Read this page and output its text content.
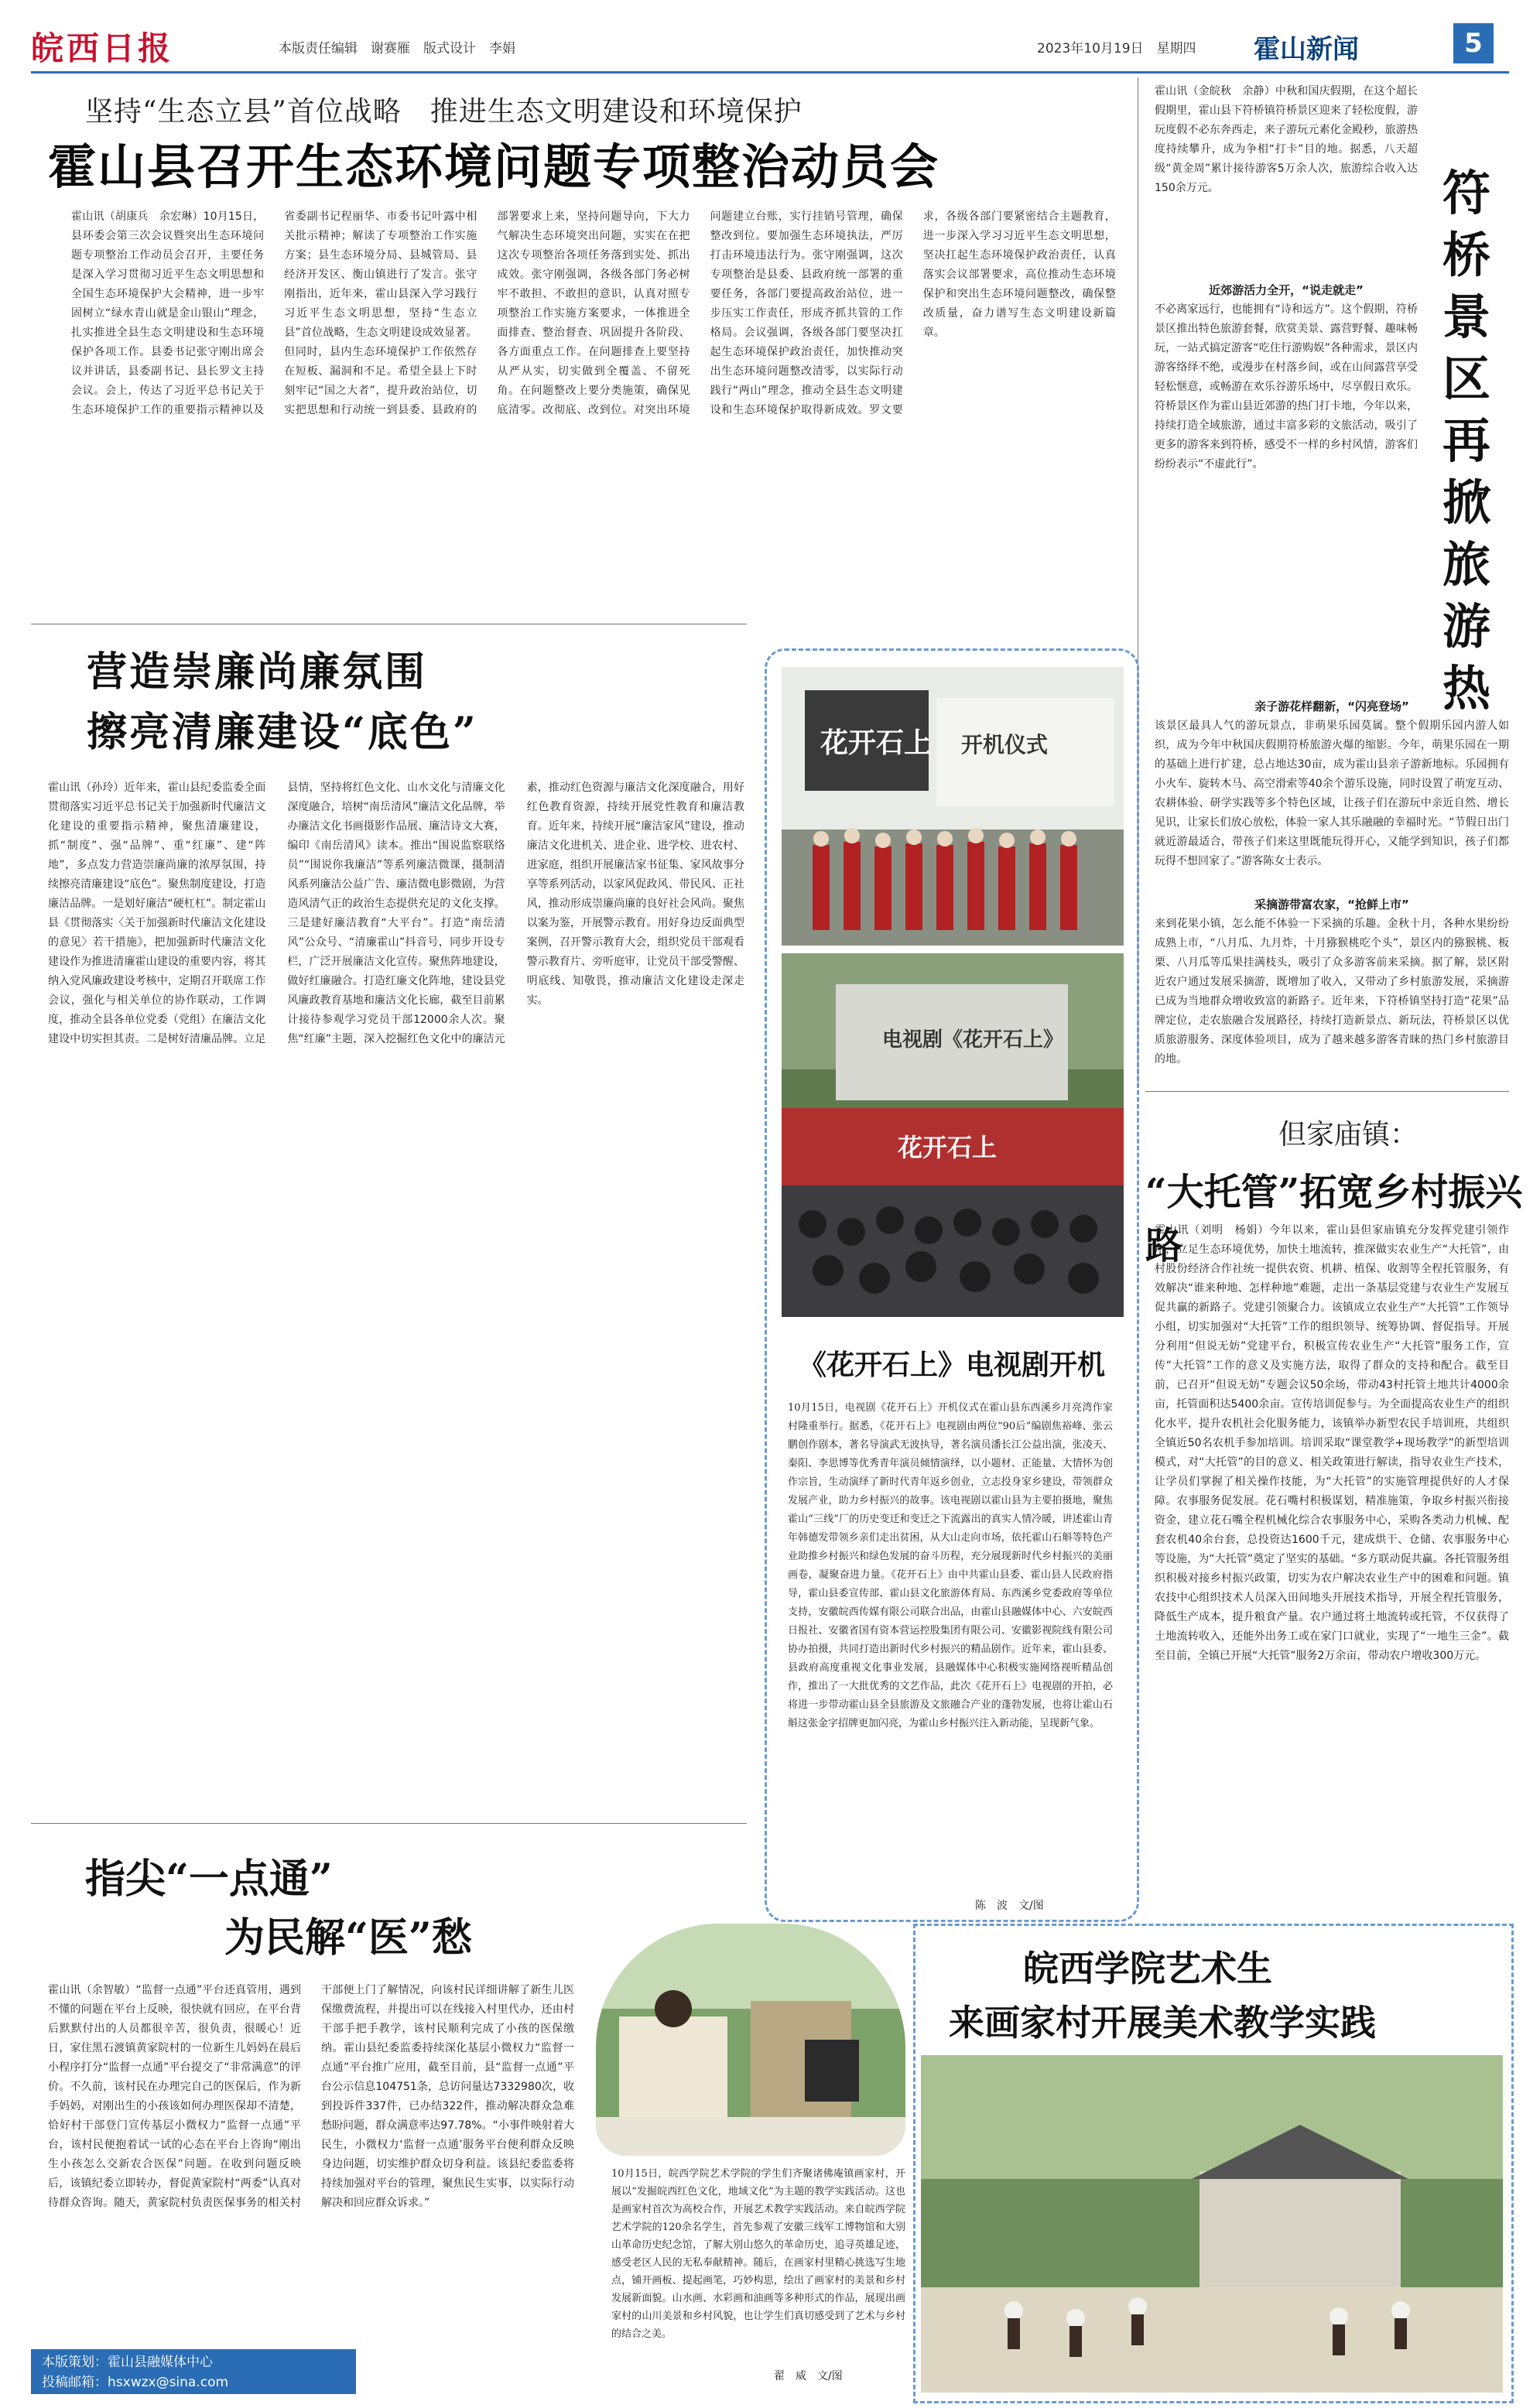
皖西日报	本版责任编辑　谢赛雁　版式设计　李娟	2023年10月19日　星期四 霍山新闻	5
坚持“生态立县”首位战略　推进生态文明建设和环境保护
霍山县召开生态环境问题专项整治动员会
霍山讯（胡康兵　余宏琳）10月15日，县环委会第三次会议暨突出生态环境问题专项整治工作动员会召开，主要任务是深入学习贯彻习近平生态文明思想和全国生态环境保护大会精神，进一步牢固树立“绿水青山就是金山银山”理念，扎实推进全县生态文明建设和生态环境保护各项工作。县委书记张守刚出席会议并讲话，县委副书记、县长罗文主持会议。会上，传达了习近平总书记关于生态环境保护工作的重要指示精神以及省委副书记程丽华、市委书记叶露中相关批示精神；解读了专项整治工作实施方案；县生态环境分局、县城管局、县经济开发区、衡山镇进行了发言。张守刚指出，近年来，霍山县深入学习践行习近平生态文明思想，坚持“生态立县”首位战略，生态文明建设成效显著。但同时，县内生态环境保护工作依然存在短板、漏洞和不足。希望全县上下时刻牢记“国之大者”，提升政治站位，切实把思想和行动统一到县委、县政府的部署要求上来，坚持问题导向，下大力气解决生态环境突出问题，实实在在把这次专项整治各项任务落到实处、抓出成效。张守刚强调，各级各部门务必树牢不敢担、不敢担的意识，认真对照专项整治工作实施方案要求，一体推进全面排查、整治督查、巩固提升各阶段、各方面重点工作。在问题排查上要坚持从严从实，切实做到全覆盖、不留死角。在问题整改上要分类施策，确保见底清零。改彻底、改到位。对突出环境问题建立台账，实行挂销号管理，确保整改到位。要加强生态环境执法，严厉打击环境违法行为。张守刚强调，这次专项整治是县委、县政府统一部署的重要任务，各部门要提高政治站位，进一步压实工作责任，形成齐抓共管的工作格局。会议强调，各级各部门要坚决扛起生态环境保护政治责任，加快推动突出生态环境问题整改清零，以实际行动践行“两山”理念，推动全县生态文明建设和生态环境保护取得新成效。罗文要求，各级各部门要紧密结合主题教育，进一步深入学习习近平生态文明思想，坚决扛起生态环境保护政治责任，认真落实会议部署要求，高位推动生态环境保护和突出生态环境问题整改，确保整改质量，奋力谱写生态文明建设新篇章。
霍山讯（金皖秋　余静）中秋和国庆假期，在这个超长假期里，霍山县下符桥镇符桥景区迎来了轻松度假，游玩度假不必东奔西走，来子游玩元素化金殿秒，旅游热度持续攀升，成为争相“打卡”目的地。据悉，八天超级“黄金周”累计接待游客5万余人次，旅游综合收入达150余万元。	符
桥
景
区
再
掀
旅
游
热
近郊游活力全开，“说走就走”
不必离家远行，也能拥有“诗和远方”。这个假期，符桥景区推出特色旅游套餐，欣赏美景、露营野餐、趣味畅玩，一站式搞定游客“吃住行游购娱”各种需求，景区内游客络绎不绝，或漫步在村落乡间，或在山间露营享受轻松惬意，或畅游在欢乐谷游乐场中，尽享假日欢乐。符桥景区作为霍山县近郊游的热门打卡地，今年以来，持续打造全域旅游，通过丰富多彩的文旅活动，吸引了更多的游客来到符桥，感受不一样的乡村风情，游客们纷纷表示“不虚此行”。
亲子游花样翻新，“闪亮登场”
该景区最具人气的游玩景点，非萌果乐园莫属。整个假期乐园内游人如织，成为今年中秋国庆假期符桥旅游火爆的缩影。今年，萌果乐园在一期的基础上进行扩建，总占地达30亩，成为霍山县亲子游新地标。乐园拥有小火车、旋转木马、高空滑索等40余个游乐设施，同时设置了萌宠互动、农耕体验、研学实践等多个特色区域，让孩子们在游玩中亲近自然、增长见识，让家长们放心放松，体验一家人其乐融融的幸福时光。“节假日出门就近游最适合，带孩子们来这里既能玩得开心，又能学到知识，孩子们都玩得不想回家了。”游客陈女士表示。
采摘游带富农家，“抢鲜上市”
来到花果小镇，怎么能不体验一下采摘的乐趣。金秋十月，各种水果纷纷成熟上市，“八月瓜、九月炸，十月猕猴桃吃个头”，景区内的猕猴桃、板栗、八月瓜等瓜果挂满枝头，吸引了众多游客前来采摘。据了解，景区附近农户通过发展采摘游，既增加了收入，又带动了乡村旅游发展，采摘游已成为当地群众增收致富的新路子。近年来，下符桥镇坚持打造“花果”品牌定位，走农旅融合发展路径，持续打造新景点、新玩法，符桥景区以优质旅游服务、深度体验项目，成为了越来越多游客青睐的热门乡村旅游目的地。
营造崇廉尚廉氛围
擦亮清廉建设“底色”
霍山讯（孙玲）近年来，霍山县纪委监委全面贯彻落实习近平总书记关于加强新时代廉洁文化建设的重要指示精神，聚焦清廉建设，抓“制度”、强“品牌”、重“红廉”、建“阵地”，多点发力营造崇廉尚廉的浓厚氛围，持续擦亮清廉建设“底色”。聚焦制度建设，打造廉洁品牌。一是划好廉洁“硬杠杠”。制定霍山县《贯彻落实〈关于加强新时代廉洁文化建设的意见〉若干措施》，把加强新时代廉洁文化建设作为推进清廉霍山建设的重要内容，将其纳入党风廉政建设考核中，定期召开联席工作会议，强化与相关单位的协作联动，工作调度，推动全县各单位党委（党组）在廉洁文化建设中切实担其责。二是树好清廉品牌。立足县情，坚持将红色文化、山水文化与清廉文化深度融合，培树“南岳清风”廉洁文化品牌，举办廉洁文化书画摄影作品展、廉洁诗文大赛，编印《南岳清风》读本。推出“围说监察联络员”“围说你我廉洁”等系列廉洁微课，摄制清风系列廉洁公益广告、廉洁微电影微剧，为营造风清气正的政治生态提供充足的文化支撑。三是建好廉洁教育“大平台”。打造“南岳清风”公众号、“清廉霍山”抖音号，同步开设专栏，广泛开展廉洁文化宣传。聚焦阵地建设，做好红廉融合。打造红廉文化阵地，建设县党风廉政教育基地和廉洁文化长廊，截至目前累计接待参观学习党员干部12000余人次。聚焦“红廉”主题，深入挖掘红色文化中的廉洁元素，推动红色资源与廉洁文化深度融合，用好红色教育资源，持续开展党性教育和廉洁教育。近年来，持续开展“廉洁家风”建设，推动廉洁文化进机关、进企业、进学校、进农村、进家庭，组织开展廉洁家书征集、家风故事分享等系列活动，以家风促政风、带民风、正社风，推动形成崇廉尚廉的良好社会风尚。聚焦以案为鉴，开展警示教育。用好身边反面典型案例，召开警示教育大会，组织党员干部观看警示教育片、旁听庭审，让党员干部受警醒、明底线、知敬畏，推动廉洁文化建设走深走实。
开机仪式
花开石上
电视剧《花开石上》
花开石上
《花开石上》电视剧开机
10月15日，电视剧《花开石上》开机仪式在霍山县东西溪乡月亮湾作家村隆重举行。据悉，《花开石上》电视剧由两位“90后”编剧焦裕峰、张云鹏创作剧本，著名导演武无波执导，著名演员潘长江公益出演，张凌天、秦阳、李思博等优秀青年演员倾情演绎，以小题材、正能量、大情怀为创作宗旨，生动演绎了新时代青年返乡创业，立志投身家乡建设，带领群众发展产业，助力乡村振兴的故事。该电视剧以霍山县为主要拍摄地，聚焦霍山“三线”厂的历史变迁和变迁之下流露出的真实人情冷暖，讲述霍山青年韩德发带领乡亲们走出贫困，从大山走向市场，依托霍山石斛等特色产业助推乡村振兴和绿色发展的奋斗历程，充分展现新时代乡村振兴的美丽画卷，凝聚奋进力量。《花开石上》由中共霍山县委、霍山县人民政府指导，霍山县委宣传部、霍山县文化旅游体育局、东西溪乡党委政府等单位支持，安徽皖西传媒有限公司联合出品，由霍山县融媒体中心、六安皖西日报社、安徽省国有资本营运控股集团有限公司、安徽影视院线有限公司协办拍摄，共同打造出新时代乡村振兴的精品剧作。近年来，霍山县委、县政府高度重视文化事业发展，县融媒体中心积极实施网络视听精品创作，推出了一大批优秀的文艺作品，此次《花开石上》电视剧的开拍，必将进一步带动霍山县全县旅游及文旅融合产业的蓬勃发展，也将让霍山石斛这张金字招牌更加闪亮，为霍山乡村振兴注入新动能，呈现新气象。
陈　波　文/图
但家庙镇：
“大托管”拓宽乡村振兴路
霍山讯（刘明　杨娟）今年以来，霍山县但家庙镇充分发挥党建引领作用，立足生态环境优势，加快土地流转，推深做实农业生产“大托管”，由村股份经济合作社统一提供农资、机耕、植保、收割等全程托管服务，有效解决“谁来种地、怎样种地”难题，走出一条基层党建与农业生产发展互促共赢的新路子。党建引领聚合力。该镇成立农业生产“大托管”工作领导小组，切实加强对“大托管”工作的组织领导、统筹协调、督促指导。开展分利用“但说无妨”党建平台，积极宣传农业生产“大托管”服务工作，宣传“大托管”工作的意义及实施方法，取得了群众的支持和配合。截至目前，已召开“但说无妨”专题会议50余场，带动43村托管土地共计4000余亩，托管面积达5400余亩。宣传培训促参与。为全面提高农业生产的组织化水平，提升农机社会化服务能力，该镇举办新型农民手培训班，共组织全镇近50名农机手参加培训。培训采取“课堂教学+现场教学”的新型培训模式，对“大托管”的目的意义、相关政策进行解读，指导农业生产技术，让学员们掌握了相关操作技能，为“大托管”的实施管理提供好的人才保障。农事服务促发展。花石嘴村积极谋划，精准施策，争取乡村振兴衔接资金，建立花石嘴全程机械化综合农事服务中心，采购各类动力机械、配套农机40余台套，总投资达1600千元，建成烘干、仓储、农事服务中心等设施，为“大托管”奠定了坚实的基础。“多方联动促共赢。各托管服务组织积极对接乡村振兴政策，切实为农户解决农业生产中的困难和问题。镇农技中心组织技术人员深入田间地头开展技术指导，开展全程托管服务，降低生产成本，提升粮食产量。农户通过将土地流转或托管，不仅获得了土地流转收入，还能外出务工或在家门口就业，实现了“一地生三金”。截至目前，全镇已开展“大托管”服务2万余亩，带动农户增收300万元。
指尖“一点通”
为民解“医”愁
霍山讯（余智敏）“监督一点通”平台还真管用，遇到不懂的问题在平台上反映，很快就有回应，在平台背后默默付出的人员都很辛苦，很负责，很暖心！近日，家住黑石渡镇黄家院村的一位新生儿妈妈在晨后小程序打分“监督一点通”平台提交了“非常满意”的评价。不久前，该村民在办理完自己的医保后，作为新手妈妈，对刚出生的小孩该如何办理医保却不清楚，恰好村干部登门宣传基层小微权力“监督一点通”平台，该村民便抱着试一试的心态在平台上咨询“刚出生小孩怎么交新农合医保”问题。在收到问题反映后，该镇纪委立即转办，督促黄家院村“两委”认真对待群众咨询。随天，黄家院村负责医保事务的相关村干部便上门了解情况，向该村民详细讲解了新生儿医保缴费流程，并提出可以在线接入村里代办，还由村干部手把手教学，该村民顺利完成了小孩的医保缴纳。霍山县纪委监委持续深化基层小微权力“监督一点通”平台推广应用，截至目前，县“监督一点通”平台公示信息104751条，总访问量达7332980次，收到投诉件337件，已办结322件，推动解决群众急难愁盼问题，群众满意率达97.78%。“小事件映射着大民生，小微权力‘监督一点通’服务平台便利群众反映身边问题，切实维护群众切身利益。该县纪委监委将持续加强对平台的管理，聚焦民生实事，以实际行动解决和回应群众诉求。”
皖西学院艺术生
来画家村开展美术教学实践
10月15日，皖西学院艺术学院的学生们齐聚诸佛庵镇画家村，开展以“发掘皖西红色文化，地域文化”为主题的教学实践活动。这也是画家村首次为高校合作，开展艺术教学实践活动。来自皖西学院艺术学院的120余名学生，首先参观了安徽三线军工博物馆和大别山革命历史纪念馆，了解大别山悠久的革命历史，追寻英雄足迹，感受老区人民的无私奉献精神。随后，在画家村里精心挑选写生地点，铺开画板、提起画笔，巧妙构思，绘出了画家村的美景和乡村发展新面貌。山水画、水彩画和油画等多种形式的作品，展现出画家村的山川美景和乡村风貌，也让学生们真切感受到了艺术与乡村的结合之美。
翟　威　文/图
本版策划：霍山县融媒体中心
投稿邮箱：hsxwzx@sina.com
